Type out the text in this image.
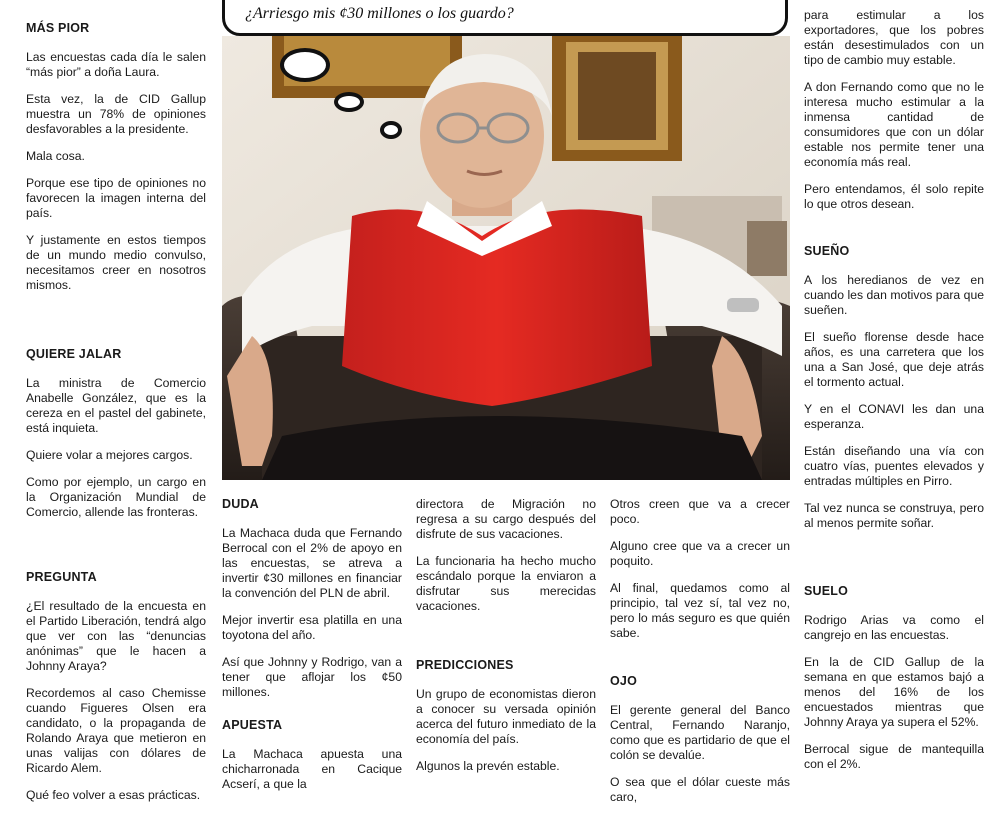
MÁS PIOR

Las encuestas cada día le salen “más pior” a doña Laura.

Esta vez, la de CID Gallup muestra un 78% de opiniones desfavorables a la presidente.

Mala cosa.

Porque ese tipo de opiniones no favorecen la imagen interna del país.

Y justamente en estos tiempos de un mundo medio convulso, necesitamos creer en nosotros mismos.

QUIERE JALAR

La ministra de Comercio Anabelle González, que es la cereza en el pastel del gabinete, está inquieta.

Quiere volar a mejores cargos.

Como por ejemplo, un cargo en la Organización Mundial de Comercio, allende las fronteras.

PREGUNTA

¿El resultado de la encuesta en el Partido Liberación, tendrá algo que ver con las “denuncias anónimas” que le hacen a Johnny Araya?

Recordemos al caso Chemisse cuando Figueres Olsen era candidato, o la propaganda de Rolando Araya que metieron en unas valijas con dólares de Ricardo Alem.

Qué feo volver a esas prácticas.

¿Arriesgo mis ¢30 millones o los guardo?
DUDA

La Machaca duda que Fernando Berrocal con el 2% de apoyo en las encuestas, se atreva a invertir ¢30 millones en financiar la convención del PLN de abril.

Mejor invertir esa platilla en una toyotona del año.

Así que Johnny y Rodrigo, van a tener que aflojar los ¢50 millones.

APUESTA

La Machaca apuesta una chicharronada en Cacique Acserí, a que la

directora de Migración no regresa a su cargo después del disfrute de sus vacaciones.

La funcionaria ha hecho mucho escándalo porque la enviaron a disfrutar sus merecidas vacaciones.

PREDICCIONES

Un grupo de economistas dieron a conocer su versada opinión acerca del futuro inmediato de la economía del país.

Algunos la prevén estable.

Otros creen que va a crecer poco.

Alguno cree que va a crecer un poquito.

Al final, quedamos como al principio, tal vez sí, tal vez no, pero lo más seguro es que quién sabe.

OJO

El gerente general del Banco Central, Fernando Naranjo, como que es partidario de que el colón se devalúe.

O sea que el dólar cueste más caro,

para estimular a los exportadores, que los pobres están desestimulados con un tipo de cambio muy estable.

A don Fernando como que no le interesa mucho estimular a la inmensa cantidad de consumidores que con un dólar estable nos permite tener una economía más real.

Pero entendamos, él solo repite lo que otros desean.

SUEÑO

A los heredianos de vez en cuando les dan motivos para que sueñen.

El sueño florense desde hace años, es una carretera que los una a San José, que deje atrás el tormento actual.

Y en el CONAVI les dan una esperanza.

Están diseñando una vía con cuatro vías, puentes elevados y entradas múltiples en Pirro.

Tal vez nunca se construya, pero al menos permite soñar.

SUELO

Rodrigo Arias va como el cangrejo en las encuestas.

En la de CID Gallup de la semana en que estamos bajó a menos del 16% de los encuestados mientras que Johnny Araya ya supera el 52%.

Berrocal sigue de mantequilla con el 2%.
